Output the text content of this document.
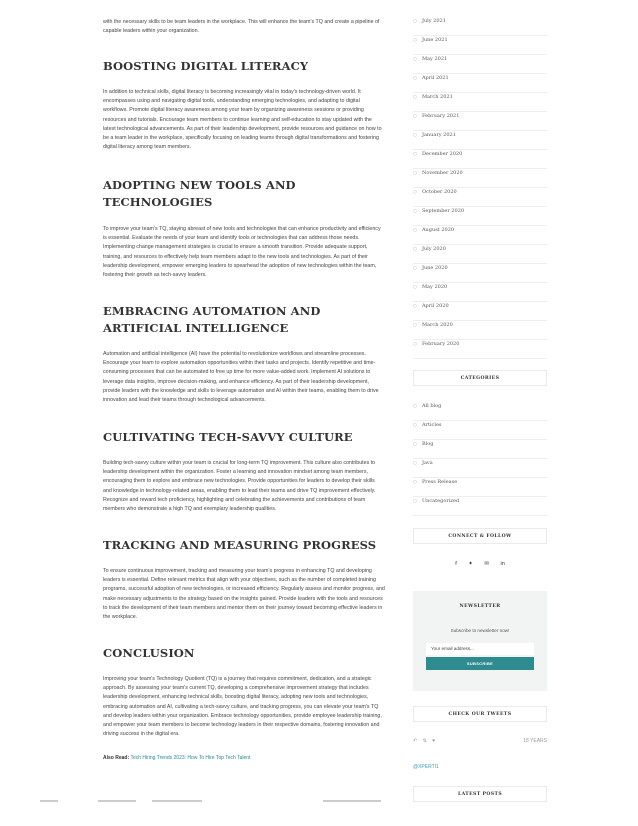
with the necessary skills to be team leaders in the workplace. This will enhance the team's TQ and create a pipeline of capable leaders within your organization.

BOOSTING DIGITAL LITERACY

In addition to technical skills, digital literacy is becoming increasingly vital in today's technology-driven world. It encompasses using and navigating digital tools, understanding emerging technologies, and adapting to digital workflows. Promote digital literacy awareness among your team by organizing awareness sessions or providing resources and tutorials. Encourage team members to continue learning and self-education to stay updated with the latest technological advancements. As part of their leadership development, provide resources and guidance on how to be a team leader in the workplace, specifically focusing on leading teams through digital transformations and fostering digital literacy among team members.

ADOPTING NEW TOOLS AND TECHNOLOGIES

To improve your team's TQ, staying abreast of new tools and technologies that can enhance productivity and efficiency is essential. Evaluate the needs of your team and identify tools or technologies that can address those needs. Implementing change management strategies is crucial to ensure a smooth transition. Provide adequate support, training, and resources to effectively help team members adapt to the new tools and technologies. As part of their leadership development, empower emerging leaders to spearhead the adoption of new technologies within the team, fostering their growth as tech-savvy leaders.

EMBRACING AUTOMATION AND ARTIFICIAL INTELLIGENCE

Automation and artificial intelligence (AI) have the potential to revolutionize workflows and streamline processes. Encourage your team to explore automation opportunities within their tasks and projects. Identify repetitive and time-consuming processes that can be automated to free up time for more value-added work. Implement AI solutions to leverage data insights, improve decision-making, and enhance efficiency. As part of their leadership development, provide leaders with the knowledge and skills to leverage automation and AI within their teams, enabling them to drive innovation and lead their teams through technological advancements.

CULTIVATING TECH-SAVVY CULTURE

Building tech-savvy culture within your team is crucial for long-term TQ improvement. This culture also contributes to leadership development within the organization. Foster a learning and innovation mindset among team members, encouraging them to explore and embrace new technologies. Provide opportunities for leaders to develop their skills and knowledge in technology-related areas, enabling them to lead their teams and drive TQ improvement effectively. Recognize and reward tech proficiency, highlighting and celebrating the achievements and contributions of team members who demonstrate a high TQ and exemplary leadership qualities.

TRACKING AND MEASURING PROGRESS

To ensure continuous improvement, tracking and measuring your team's progress in enhancing TQ and developing leaders is essential. Define relevant metrics that align with your objectives, such as the number of completed training programs, successful adoption of new technologies, or increased efficiency. Regularly assess and monitor progress, and make necessary adjustments to the strategy based on the insights gained. Provide leaders with the tools and resources to track the development of their team members and mentor them on their journey toward becoming effective leaders in the workplace.

CONCLUSION

Improving your team's Technology Quotient (TQ) is a journey that requires commitment, dedication, and a strategic approach. By assessing your team's current TQ, developing a comprehensive improvement strategy that includes leadership development, enhancing technical skills, boosting digital literacy, adopting new tools and technologies, embracing automation and AI, cultivating a tech-savvy culture, and tracking progress, you can elevate your team's TQ and develop leaders within your organization. Embrace technology opportunities, provide employee leadership training, and empower your team members to become technology leaders in their respective domains, fostering innovation and driving success in the digital era.

Also Read: Tech Hiring Trends 2023: How To Hire Top Tech Talent
○ July 2021
○ June 2021
○ May 2021
○ April 2021
○ March 2021
○ February 2021
○ January 2021
○ December 2020
○ November 2020
○ October 2020
○ September 2020
○ August 2020
○ July 2020
○ June 2020
○ May 2020
○ April 2020
○ March 2020
○ February 2020
CATEGORIES
○ All blog
○ Articles
○ Blog
○ Java
○ Press Release
○ Uncategorized
CONNECT & FOLLOW
f ✦ ✉ in
NEWSLETTER
Subscribe to newsletter now!
Your email address...
SUBSCRIBE
CHECK OUR TWEETS
↶ ⇅ ♥	18 YEARS
@XPERTI1
LATEST POSTS
